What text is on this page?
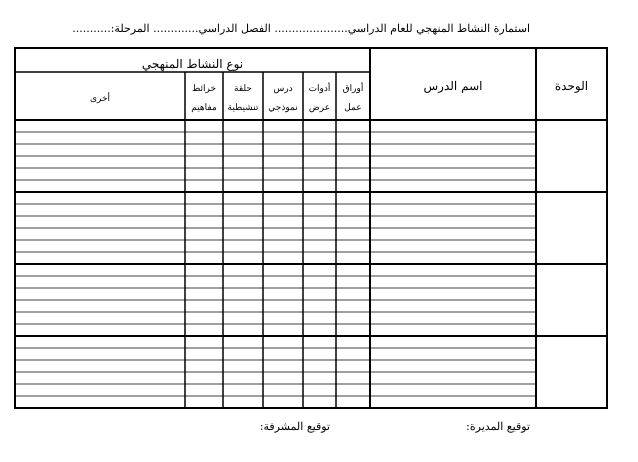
استمارة النشاط المنهجي للعام الدراسي..................... الفصل الدراسي............. المرحلة:...........
الوحدة
اسم الدرس
نوع النشاط المنهجي
أوراق
عمل
أدوات
عرض
درس
نموذجي
حلقة
تنشيطية
خرائط
مفاهيم
أخرى
توقيع المديرة:
توقيع المشرفة:
